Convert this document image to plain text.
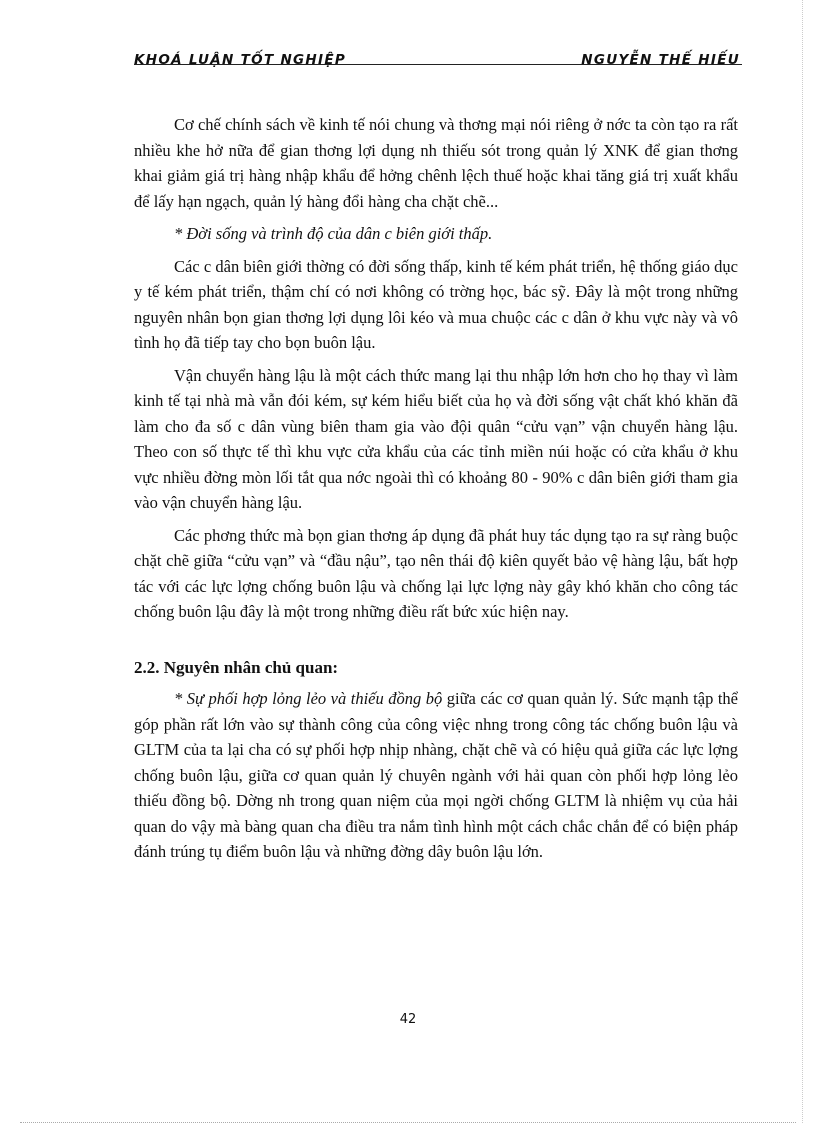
KHOÁ LUẬN TỐT NGHIỆP	NGUYỄN THẾ HIẾU

Cơ chế chính sách về kinh tế nói chung và thơng mại nói riêng ở nớc ta còn tạo ra rất nhiều khe hở nữa để gian thơng lợi dụng nh thiếu sót trong quản lý XNK để gian thơng khai giảm giá trị hàng nhập khẩu để hởng chênh lệch thuế hoặc khai tăng giá trị xuất khẩu để lấy hạn ngạch, quản lý hàng đổi hàng cha chặt chẽ...

* Đời sống và trình độ của dân c biên giới thấp.

Các c dân biên giới thờng có đời sống thấp, kinh tế kém phát triển, hệ thống giáo dục y tế kém phát triển, thậm chí có nơi không có trờng học, bác sỹ. Đây là một trong những nguyên nhân bọn gian thơng lợi dụng lôi kéo và mua chuộc các c dân ở khu vực này và vô tình họ đã tiếp tay cho bọn buôn lậu.

Vận chuyển hàng lậu là một cách thức mang lại thu nhập lớn hơn cho họ thay vì làm kinh tế tại nhà mà vẫn đói kém, sự kém hiểu biết của họ và đời sống vật chất khó khăn đã làm cho đa số c dân vùng biên tham gia vào đội quân “cửu vạn” vận chuyển hàng lậu. Theo con số thực tế thì khu vực cửa khẩu của các tỉnh miền núi hoặc có cửa khẩu ở khu vực nhiều đờng mòn lối tắt qua nớc ngoài thì có khoảng 80 - 90% c dân biên giới tham gia vào vận chuyển hàng lậu.

Các phơng thức mà bọn gian thơng áp dụng đã phát huy tác dụng tạo ra sự ràng buộc chặt chẽ giữa “cửu vạn” và “đầu nậu”, tạo nên thái độ kiên quyết bảo vệ hàng lậu, bất hợp tác với các lực lợng chống buôn lậu và chống lại lực lợng này gây khó khăn cho công tác chống buôn lậu đây là một trong những điều rất bức xúc hiện nay.

2.2. Nguyên nhân chủ quan:

* Sự phối hợp lỏng lẻo và thiếu đồng bộ giữa các cơ quan quản lý. Sức mạnh tập thể góp phần rất lớn vào sự thành công của công việc nhng trong công tác chống buôn lậu và GLTM của ta lại cha có sự phối hợp nhịp nhàng, chặt chẽ và có hiệu quả giữa các lực lợng chống buôn lậu, giữa cơ quan quản lý chuyên ngành với hải quan còn phối hợp lỏng lẻo thiếu đồng bộ. Dờng nh trong quan niệm của mọi ngời chống GLTM là nhiệm vụ của hải quan do vậy mà bàng quan cha điều tra nắm tình hình một cách chắc chắn để có biện pháp đánh trúng tụ điểm buôn lậu và những đờng dây buôn lậu lớn.

42
